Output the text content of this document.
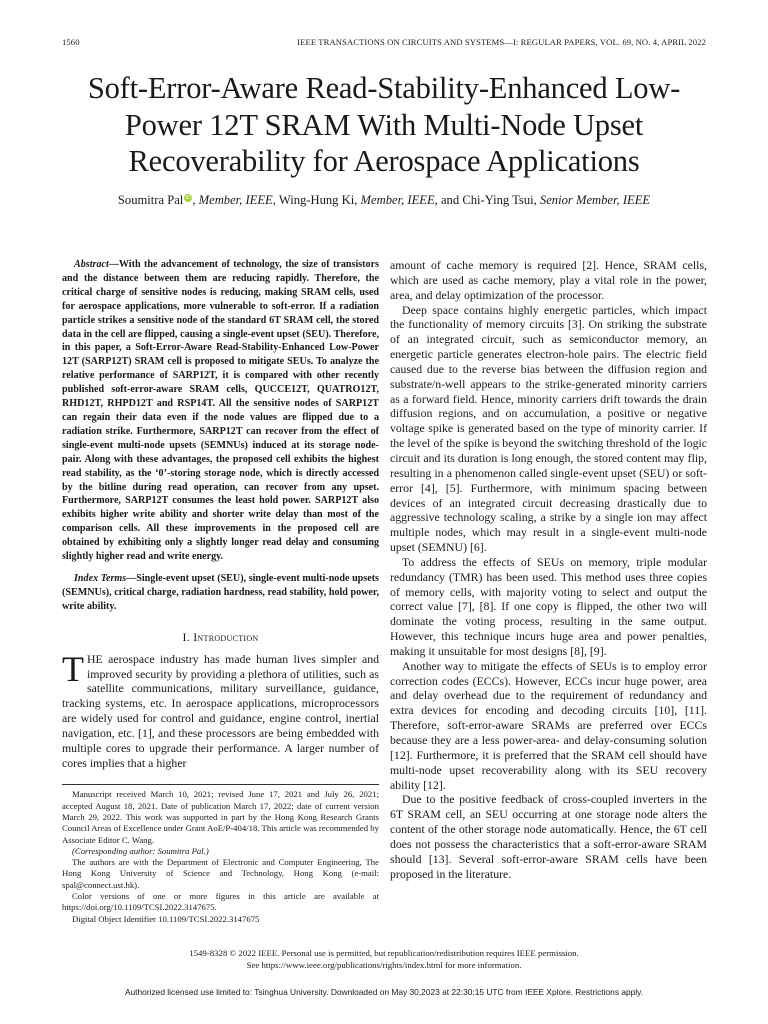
1560	IEEE TRANSACTIONS ON CIRCUITS AND SYSTEMS—I: REGULAR PAPERS, VOL. 69, NO. 4, APRIL 2022
Soft-Error-Aware Read-Stability-Enhanced Low-Power 12T SRAM With Multi-Node Upset Recoverability for Aerospace Applications
Soumitra Pal iD, Member, IEEE, Wing-Hung Ki, Member, IEEE, and Chi-Ying Tsui, Senior Member, IEEE

Abstract—With the advancement of technology, the size of transistors and the distance between them are reducing rapidly. Therefore, the critical charge of sensitive nodes is reducing, making SRAM cells, used for aerospace applications, more vulnerable to soft-error. If a radiation particle strikes a sensitive node of the standard 6T SRAM cell, the stored data in the cell are flipped, causing a single-event upset (SEU). Therefore, in this paper, a Soft-Error-Aware Read-Stability-Enhanced Low-Power 12T (SARP12T) SRAM cell is proposed to mitigate SEUs. To analyze the relative performance of SARP12T, it is compared with other recently published soft-error-aware SRAM cells, QUCCE12T, QUATRO12T, RHD12T, RHPD12T and RSP14T. All the sensitive nodes of SARP12T can regain their data even if the node values are flipped due to a radiation strike. Furthermore, SARP12T can recover from the effect of single-event multi-node upsets (SEMNUs) induced at its storage node-pair. Along with these advantages, the proposed cell exhibits the highest read stability, as the ‘0’-storing storage node, which is directly accessed by the bitline during read operation, can recover from any upset. Furthermore, SARP12T consumes the least hold power. SARP12T also exhibits higher write ability and shorter write delay than most of the comparison cells. All these improvements in the proposed cell are obtained by exhibiting only a slightly longer read delay and consuming slightly higher read and write energy.

Index Terms—Single-event upset (SEU), single-event multi-node upsets (SEMNUs), critical charge, radiation hardness, read stability, hold power, write ability.

I. Introduction

THE aerospace industry has made human lives simpler and improved security by providing a plethora of utilities, such as satellite communications, military surveillance, guidance, tracking systems, etc. In aerospace applications, microprocessors are widely used for control and guidance, engine control, inertial navigation, etc. [1], and these processors are being embedded with multiple cores to upgrade their performance. A larger number of cores implies that a higher

Manuscript received March 10, 2021; revised June 17, 2021 and July 26, 2021; accepted August 18, 2021. Date of publication March 17, 2022; date of current version March 29, 2022. This work was supported in part by the Hong Kong Research Grants Council Areas of Excellence under Grant AoE/P-404/18. This article was recommended by Associate Editor C. Wang.

(Corresponding author: Soumitra Pal.)

The authors are with the Department of Electronic and Computer Engineering, The Hong Kong University of Science and Technology, Hong Kong (e-mail: spal@connect.ust.hk).

Color versions of one or more figures in this article are available at https://doi.org/10.1109/TCSI.2022.3147675.

Digital Object Identifier 10.1109/TCSI.2022.3147675

amount of cache memory is required [2]. Hence, SRAM cells, which are used as cache memory, play a vital role in the power, area, and delay optimization of the processor.

Deep space contains highly energetic particles, which impact the functionality of memory circuits [3]. On striking the substrate of an integrated circuit, such as semiconductor memory, an energetic particle generates electron-hole pairs. The electric field caused due to the reverse bias between the diffusion region and substrate/n-well appears to the strike-generated minority carriers as a forward field. Hence, minority carriers drift towards the drain diffusion regions, and on accumulation, a positive or negative voltage spike is generated based on the type of minority carrier. If the level of the spike is beyond the switching threshold of the logic circuit and its duration is long enough, the stored content may flip, resulting in a phenomenon called single-event upset (SEU) or soft-error [4], [5]. Furthermore, with minimum spacing between devices of an integrated circuit decreasing drastically due to aggressive technology scaling, a strike by a single ion may affect multiple nodes, which may result in a single-event multi-node upset (SEMNU) [6].

To address the effects of SEUs on memory, triple modular redundancy (TMR) has been used. This method uses three copies of memory cells, with majority voting to select and output the correct value [7], [8]. If one copy is flipped, the other two will dominate the voting process, resulting in the same output. However, this technique incurs huge area and power penalties, making it unsuitable for most designs [8], [9].

Another way to mitigate the effects of SEUs is to employ error correction codes (ECCs). However, ECCs incur huge power, area and delay overhead due to the requirement of redundancy and extra devices for encoding and decoding circuits [10], [11]. Therefore, soft-error-aware SRAMs are preferred over ECCs because they are a less power-area- and delay-consuming solution [12]. Furthermore, it is preferred that the SRAM cell should have multi-node upset recoverability along with its SEU recovery ability [12].

Due to the positive feedback of cross-coupled inverters in the 6T SRAM cell, an SEU occurring at one storage node alters the content of the other storage node automatically. Hence, the 6T cell does not possess the characteristics that a soft-error-aware SRAM should [13]. Several soft-error-aware SRAM cells have been proposed in the literature.

1549-8328 © 2022 IEEE. Personal use is permitted, but republication/redistribution requires IEEE permission.
See https://www.ieee.org/publications/rights/index.html for more information.
Authorized licensed use limited to: Tsinghua University. Downloaded on May 30,2023 at 22:30:15 UTC from IEEE Xplore. Restrictions apply.
